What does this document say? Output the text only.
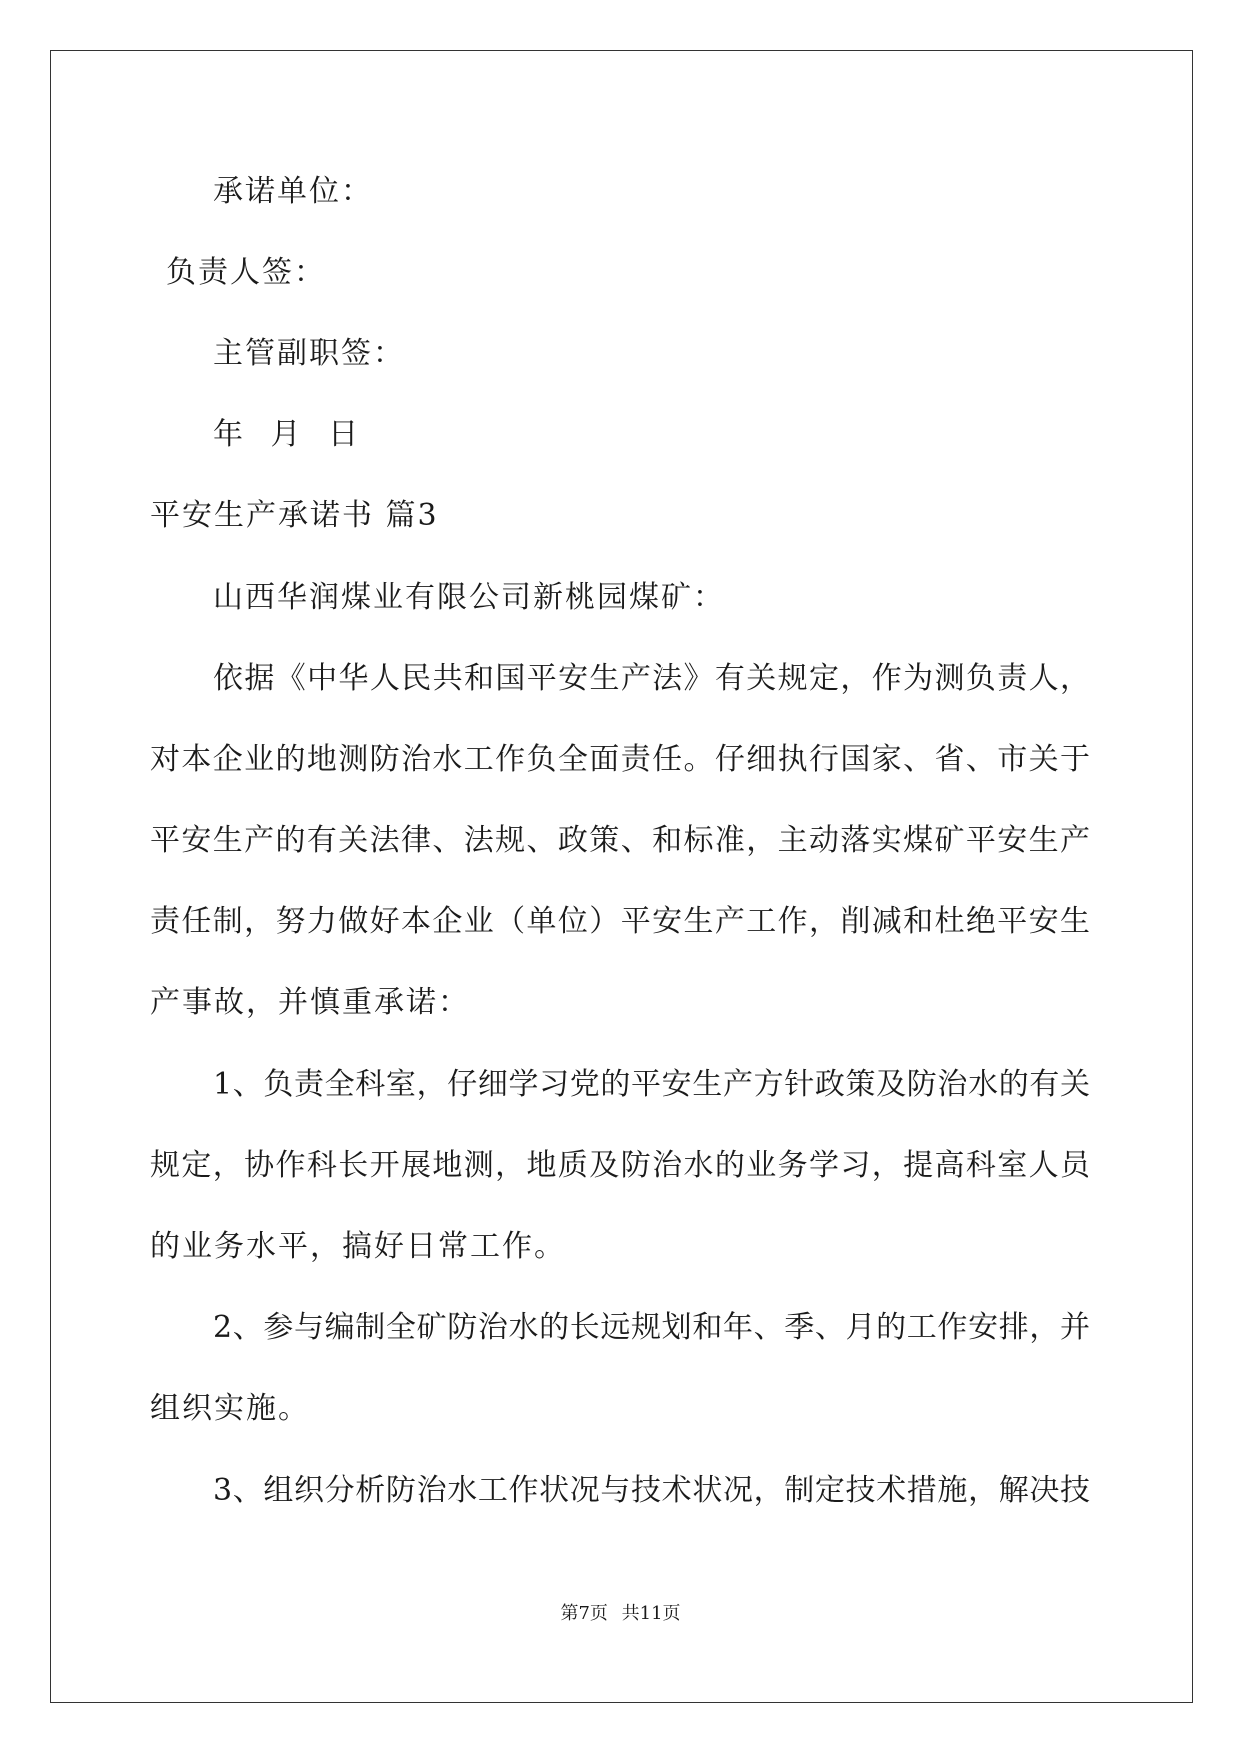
承诺单位：
负责人签：
主管副职签：
年 月 日
平安生产承诺书 篇3
山西华润煤业有限公司新桃园煤矿：
依据《中华人民共和国平安生产法》有关规定，作为测负责人，
对本企业的地测防治水工作负全面责任。仔细执行国家、省、市关于
平安生产的有关法律、法规、政策、和标准，主动落实煤矿平安生产
责任制，努力做好本企业（单位）平安生产工作，削减和杜绝平安生
产事故，并慎重承诺：
1、负责全科室，仔细学习党的平安生产方针政策及防治水的有关
规定，协作科长开展地测，地质及防治水的业务学习，提高科室人员
的业务水平，搞好日常工作。
2、参与编制全矿防治水的长远规划和年、季、月的工作安排，并
组织实施。
3、组织分析防治水工作状况与技术状况，制定技术措施，解决技
第7页 共11页
